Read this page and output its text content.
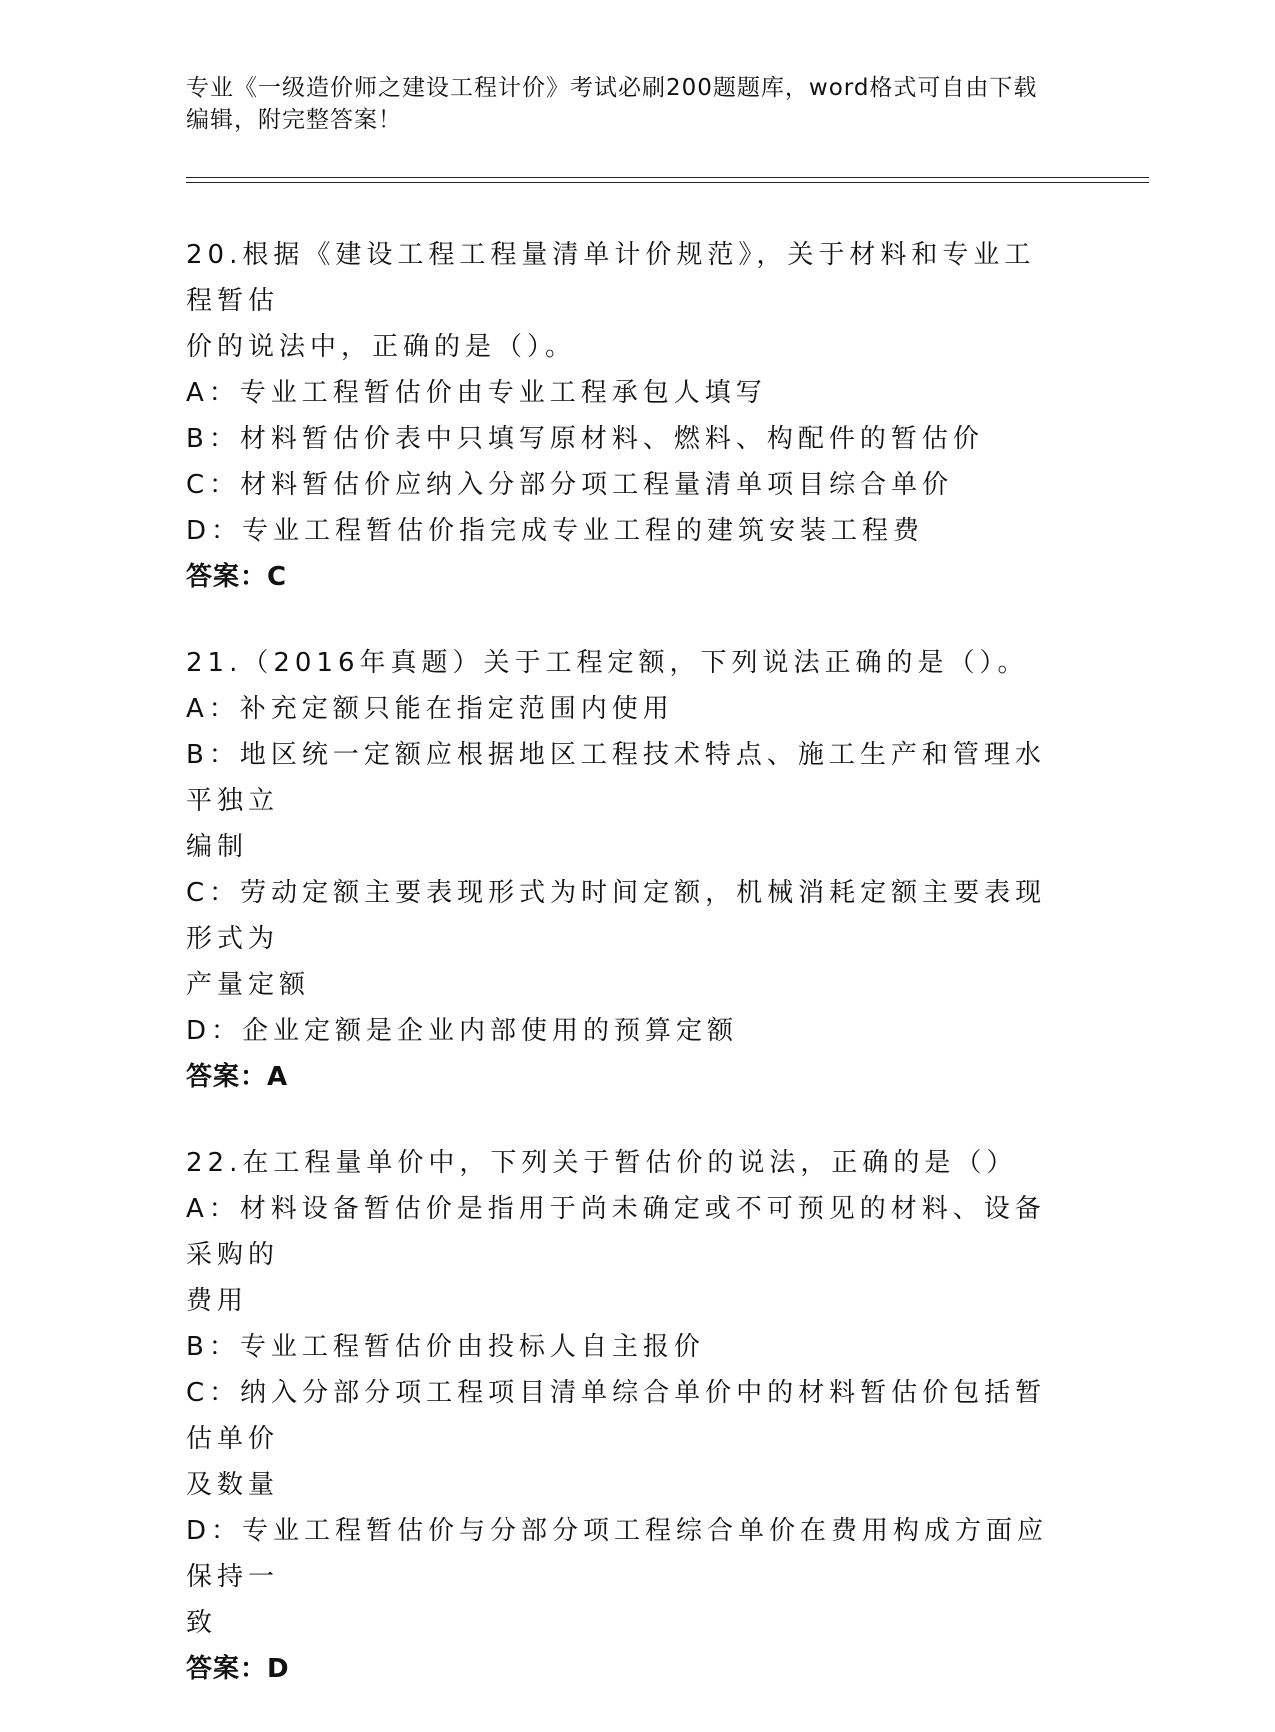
专业《一级造价师之建设工程计价》考试必刷200题题库，word格式可自由下载
编辑，附完整答案！

20.根据《建设工程工程量清单计价规范》，关于材料和专业工程暂估

价的说法中，正确的是（）。

A：专业工程暂估价由专业工程承包人填写

B：材料暂估价表中只填写原材料、燃料、构配件的暂估价

C：材料暂估价应纳入分部分项工程量清单项目综合单价

D：专业工程暂估价指完成专业工程的建筑安装工程费

答案：C

21.（2016年真题）关于工程定额，下列说法正确的是（）。

A：补充定额只能在指定范围内使用

B：地区统一定额应根据地区工程技术特点、施工生产和管理水平独立

编制

C：劳动定额主要表现形式为时间定额，机械消耗定额主要表现形式为

产量定额

D：企业定额是企业内部使用的预算定额

答案：A

22.在工程量单价中，下列关于暂估价的说法，正确的是（）

A：材料设备暂估价是指用于尚未确定或不可预见的材料、设备采购的

费用

B：专业工程暂估价由投标人自主报价

C：纳入分部分项工程项目清单综合单价中的材料暂估价包括暂估单价

及数量

D：专业工程暂估价与分部分项工程综合单价在费用构成方面应保持一

致

答案：D
